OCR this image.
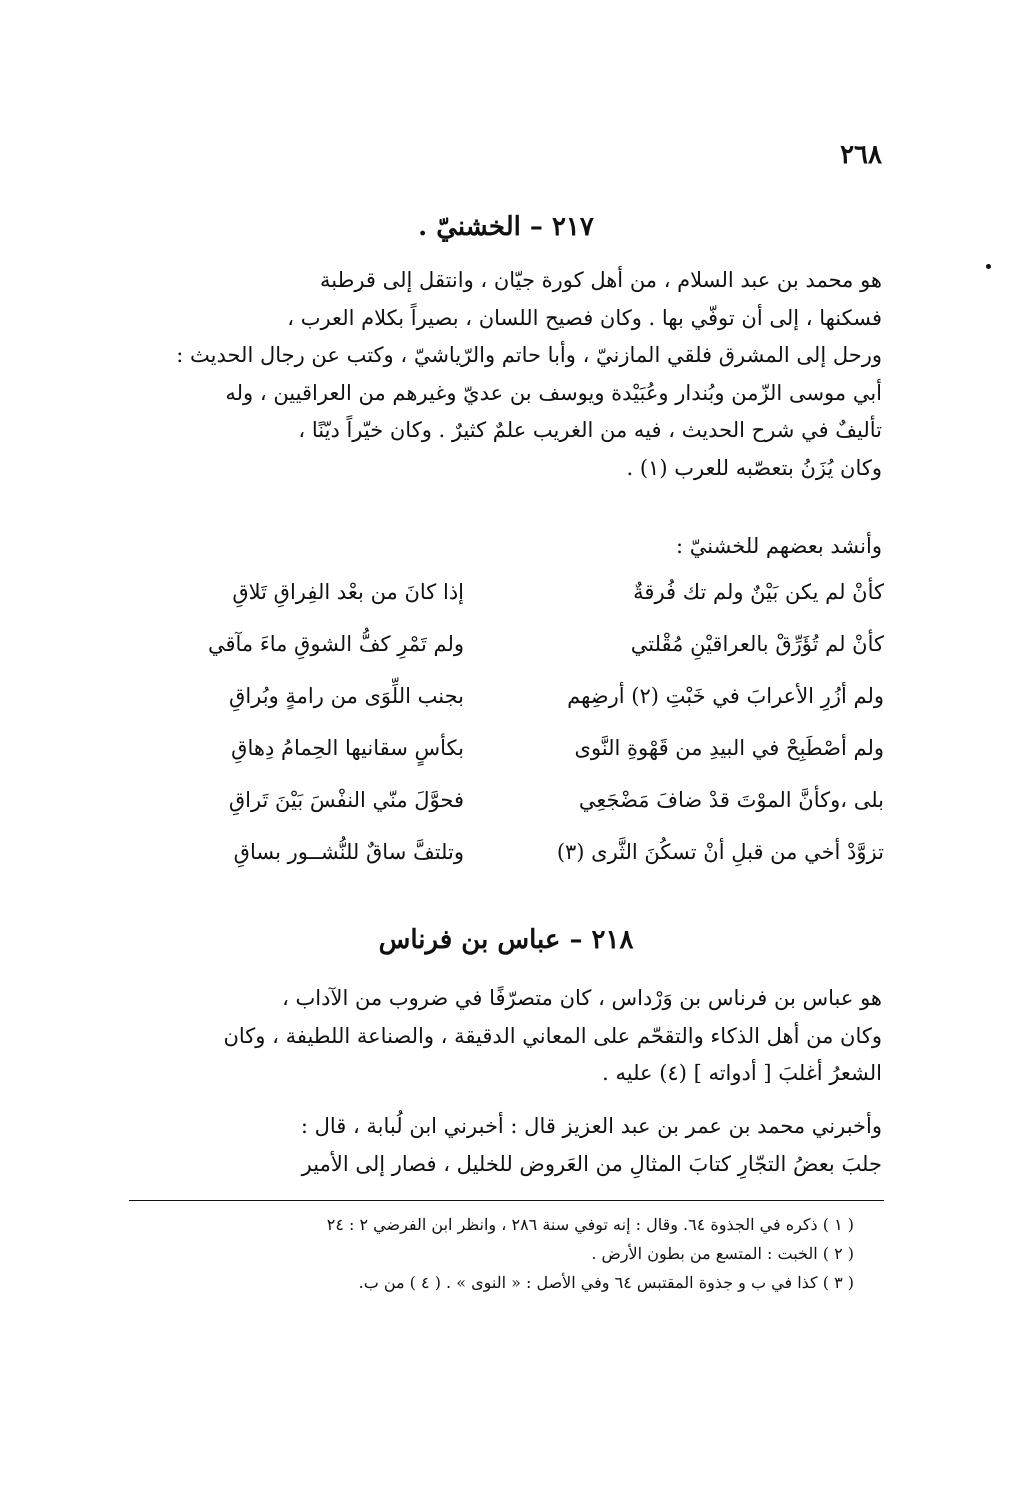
٢٦٨
٢١٧ – الخشنيّ .
هو محمد بن عبد السلام ، من أهل كورة جيّان ، وانتقل إلى قرطبة
فسكنها ، إلى أن توفّي بها . وكان فصيح اللسان ، بصيراً بكلام العرب ،
ورحل إلى المشرق فلقي المازنيّ ، وأبا حاتم والرّياشيّ ، وكتب عن رجال الحديث :
أبي موسى الزّمن وبُندار وعُبَيْدة ويوسف بن عديّ وغيرهم من العراقيين ، وله
تأليفٌ في شرح الحديث ، فيه من الغريب علمٌ كثيرٌ . وكان خيّراً ديّنًا ،
وكان يُزَنُ بتعصّبه للعرب (١) .
وأنشد بعضهم للخشنيّ :
كأنْ لم يكن بَيْنٌ ولم تك فُرقةٌ
إذا كانَ من بعْد الفِراقِ تَلاقِ
كأنْ لم تُؤَرِّقْ بالعراقيْنِ مُقْلتي
ولم تَمْرِ كفُّ الشوقِ ماءَ مآقي
ولم أزُرِ الأعرابَ في خَبْتِ (٢) أرضِهم
بجنب اللِّوَى من رامةٍ وبُراقِ
ولم أصْطَبِحْ في البيدِ من قَهْوةِ النَّوى
بكأسٍ سقانيها الحِمامُ دِهاقِ
بلى ،وكأنَّ الموْتَ قدْ ضافَ مَضْجَعِي
فحوَّلَ منّي النفْسَ بَيْنَ تَراقِ
تزوَّدْ أخي من قبلِ أنْ تسكُنَ الثَّرى (٣)
وتلتفَّ ساقٌ للنُّشــور بساقِ
٢١٨ – عباس بن فرناس
هو عباس بن فرناس بن وَرْداس ، كان متصرّفًا في ضروب من الآداب ،
وكان من أهل الذكاء والتقحّم على المعاني الدقيقة ، والصناعة اللطيفة ، وكان
الشعرُ أغلبَ [ أدواته ] (٤) عليه .
وأخبرني محمد بن عمر بن عبد العزيز قال : أخبرني ابن لُبابة ، قال :
جلبَ بعضُ التجّارِ كتابَ المثالِ من العَروض للخليل ، فصار إلى الأمير
( ١ ) ذكره في الجذوة ٦٤. وقال : إنه توفي سنة ٢٨٦ ، وانظر ابن الفرضي ٢ : ٢٤
( ٢ ) الخبت : المتسع من بطون الأرض .
( ٣ ) كذا في ب و جذوة المقتبس ٦٤ وفي الأصل : « النوى » . ( ٤ ) من ب.
